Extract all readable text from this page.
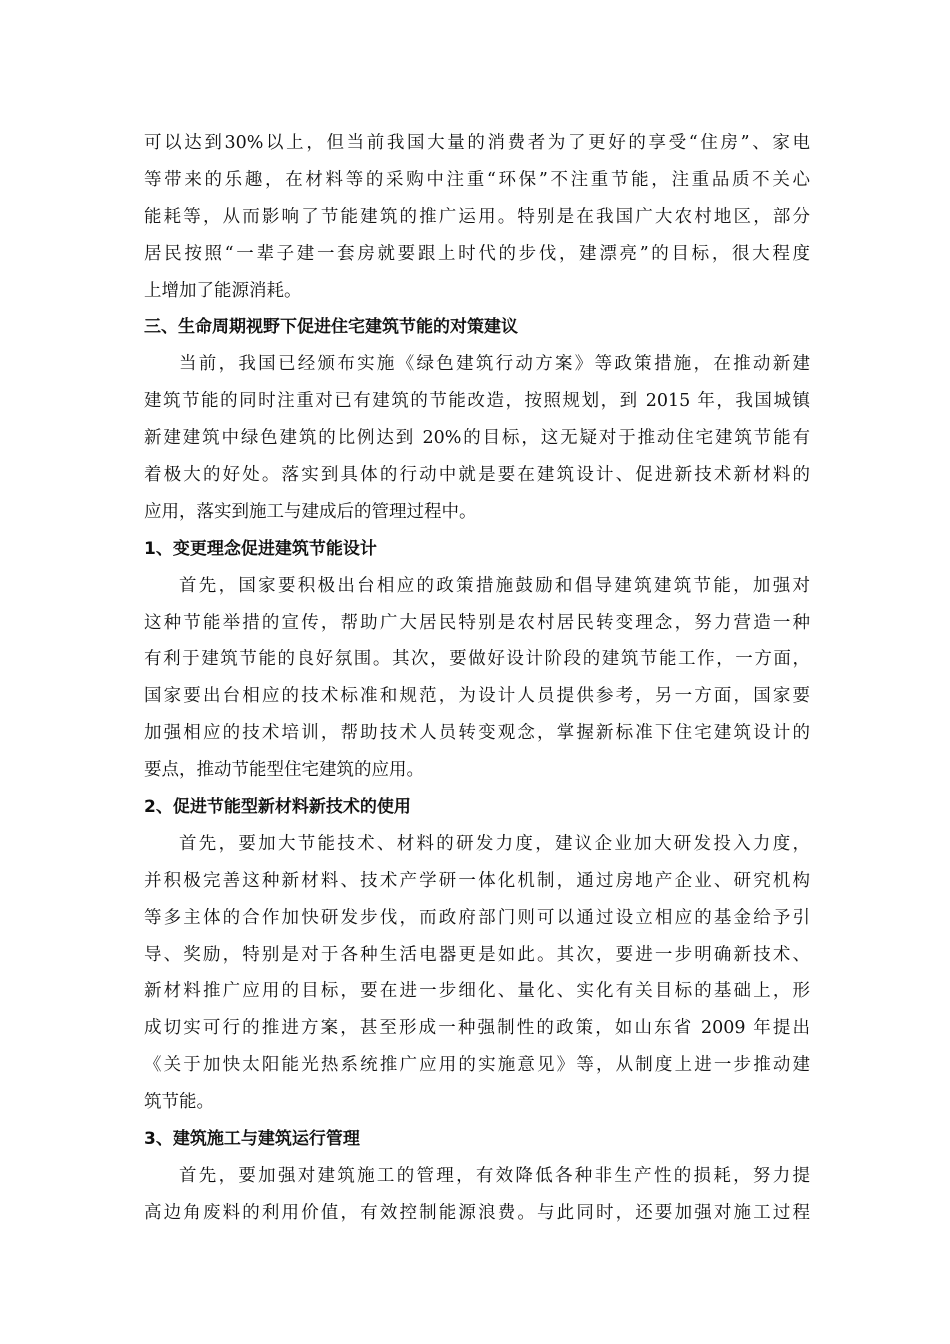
可以达到30%以上，但当前我国大量的消费者为了更好的享受“住房”、家电
等带来的乐趣，在材料等的采购中注重“环保”不注重节能，注重品质不关心
能耗等，从而影响了节能建筑的推广运用。特别是在我国广大农村地区，部分
居民按照“一辈子建一套房就要跟上时代的步伐，建漂亮”的目标，很大程度
上增加了能源消耗。
三、生命周期视野下促进住宅建筑节能的对策建议
当前，我国已经颁布实施《绿色建筑行动方案》等政策措施，在推动新建
建筑节能的同时注重对已有建筑的节能改造，按照规划，到 2015 年，我国城镇
新建建筑中绿色建筑的比例达到 20%的目标，这无疑对于推动住宅建筑节能有
着极大的好处。落实到具体的行动中就是要在建筑设计、促进新技术新材料的
应用，落实到施工与建成后的管理过程中。
1、变更理念促进建筑节能设计
首先，国家要积极出台相应的政策措施鼓励和倡导建筑建筑节能，加强对
这种节能举措的宣传，帮助广大居民特别是农村居民转变理念，努力营造一种
有利于建筑节能的良好氛围。其次，要做好设计阶段的建筑节能工作，一方面，
国家要出台相应的技术标准和规范，为设计人员提供参考，另一方面，国家要
加强相应的技术培训，帮助技术人员转变观念，掌握新标准下住宅建筑设计的
要点，推动节能型住宅建筑的应用。
2、促进节能型新材料新技术的使用
首先，要加大节能技术、材料的研发力度，建议企业加大研发投入力度，
并积极完善这种新材料、技术产学研一体化机制，通过房地产企业、研究机构
等多主体的合作加快研发步伐，而政府部门则可以通过设立相应的基金给予引
导、奖励，特别是对于各种生活电器更是如此。其次，要进一步明确新技术、
新材料推广应用的目标，要在进一步细化、量化、实化有关目标的基础上，形
成切实可行的推进方案，甚至形成一种强制性的政策，如山东省 2009 年提出
《关于加快太阳能光热系统推广应用的实施意见》等，从制度上进一步推动建
筑节能。
3、建筑施工与建筑运行管理
首先，要加强对建筑施工的管理，有效降低各种非生产性的损耗，努力提
高边角废料的利用价值，有效控制能源浪费。与此同时，还要加强对施工过程
